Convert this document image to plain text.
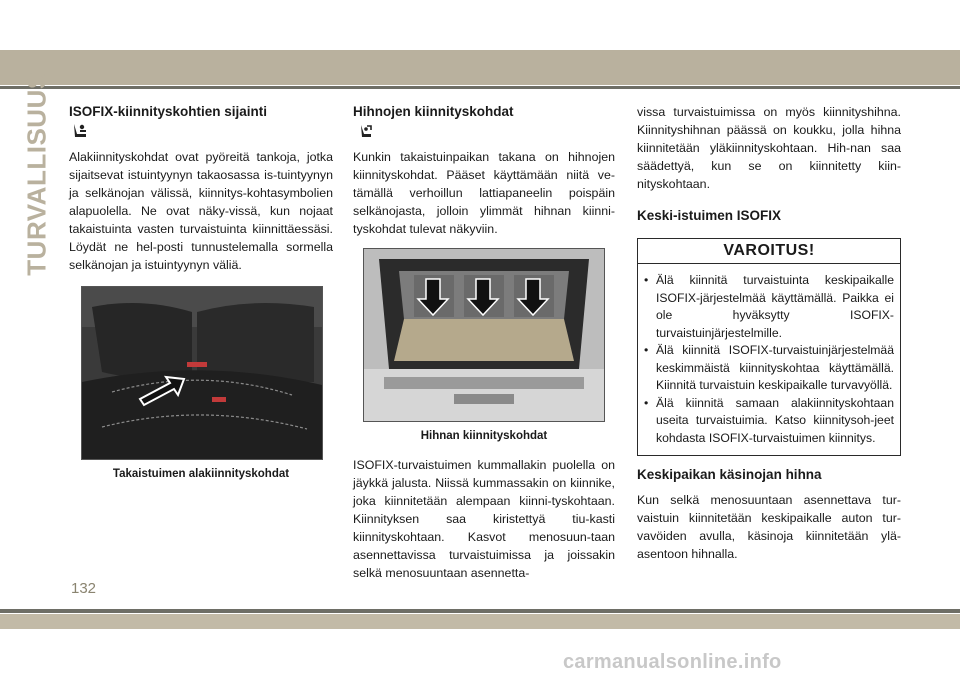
TURVALLISUUS ISOFIX-kiinnityskohtien sijainti

Alakiinnityskohdat ovat pyöreitä tankoja, jotka sijaitsevat istuintyynyn takaosassa is-tuintyynyn ja selkänojan välissä, kiinnitys-kohtasymbolien alapuolella. Ne ovat näky-vissä, kun nojaat takaistuinta vasten turvaistuinta kiinnittäessäsi. Löydät ne hel-posti tunnustelemalla sormella selkänojan ja istuintyynyn väliä.

Takaistuimen alakiinnityskohdat
Hihnojen kiinnityskohdat

Kunkin takaistuinpaikan takana on hihnojen kiinnityskohdat. Pääset käyttämään niitä ve-tämällä verhoillun lattiapaneelin poispäin selkänojasta, jolloin ylimmät hihnan kiinni-tyskohdat tulevat näkyviin.

Hihnan kiinnityskohdat

ISOFIX-turvaistuimen kummallakin puolella on jäykkä jalusta. Niissä kummassakin on kiinnike, joka kiinnitetään alempaan kiinni-tyskohtaan. Kiinnityksen saa kiristettyä tiu-kasti kiinnityskohtaan. Kasvot menosuun-taan asennettavissa turvaistuimissa ja joissakin selkä menosuuntaan asennetta-

vissa turvaistuimissa on myös kiinnityshihna. Kiinnityshihnan päässä on koukku, jolla hihna kiinnitetään yläkiinnityskohtaan. Hih-nan saa säädettyä, kun se on kiinnitetty kiin-nityskohtaan.

Keski-istuimen ISOFIX
VAROITUS!
• Älä kiinnitä turvaistuinta keskipaikalle ISOFIX-järjestelmää käyttämällä. Paikka ei ole hyväksytty ISOFIX-turvaistuinjärjestelmille.
• Älä kiinnitä ISOFIX-turvaistuinjärjestelmää keskimmäistä kiinnityskohtaa käyttämällä. Kiinnitä turvaistuin keskipaikalle turvavyöllä.
• Älä kiinnitä samaan alakiinnityskohtaan useita turvaistuimia. Katso kiinnitysoh-jeet kohdasta ISOFIX-turvaistuimen kiinnitys.
Keskipaikan käsinojan hihna

Kun selkä menosuuntaan asennettava tur-vaistuin kiinnitetään keskipaikalle auton tur-vavöiden avulla, käsinoja kiinnitetään ylä-asentoon hihnalla.

132
carmanualsonline.info
